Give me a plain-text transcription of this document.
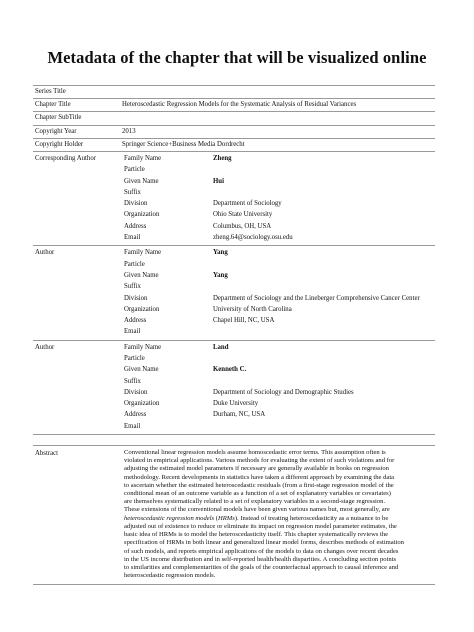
Metadata of the chapter that will be visualized online
Series Title
Chapter Title	Heteroscedastic Regression Models for the Systematic Analysis of Residual Variances
Chapter SubTitle
Copyright Year	2013
Copyright Holder	Springer Science+Business Media Dordrecht
Corresponding Author	Family Name	Zheng
Particle
Given Name	Hui
Suffix
Division	Department of Sociology
Organization	Ohio State University
Address	Columbus, OH, USA
Email	zheng.64@sociology.osu.edu
Author	Family Name	Yang
Particle
Given Name	Yang
Suffix
Division	Department of Sociology and the Lineberger Comprehensive Cancer Center
Organization	University of North Carolina
Address	Chapel Hill, NC, USA
Email
Author	Family Name	Land
Particle
Given Name	Kenneth C.
Suffix
Division	Department of Sociology and Demographic Studies
Organization	Duke University
Address	Durham, NC, USA
Email
Abstract	Conventional linear regression models assume homoscedastic error terms. This assumption often is
violated in empirical applications. Various methods for evaluating the extent of such violations and for
adjusting the estimated model parameters if necessary are generally available in books on regression
methodology. Recent developments in statistics have taken a different approach by examining the data
to ascertain whether the estimated heteroscedastic residuals (from a first-stage regression model of the
conditional mean of an outcome variable as a function of a set of explanatory variables or covariates)
are themselves systematically related to a set of explanatory variables in a second-stage regression.
These extensions of the conventional models have been given various names but, most generally, are
heteroscedastic regression models (HRMs). Instead of treating heteroscedasticity as a nuisance to be
adjusted out of existence to reduce or eliminate its impact on regression model parameter estimates, the
basic idea of HRMs is to model the heteroscedasticity itself. This chapter systematically reviews the
specification of HRMs in both linear and generalized linear model forms, describes methods of estimation
of such models, and reports empirical applications of the models to data on changes over recent decades
in the US income distribution and in self-reported health/health disparities. A concluding section points
to similarities and complementarities of the goals of the counterfactual approach to causal inference and
heteroscedastic regression models.
